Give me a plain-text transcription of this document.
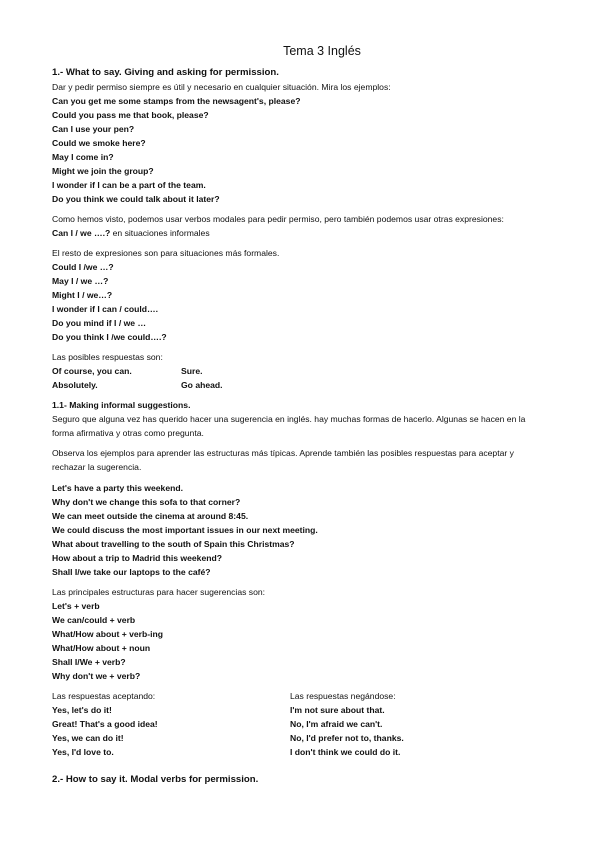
Tema 3 Inglés
1.- What to say. Giving and asking for permission.
Dar y pedir permiso siempre es útil y necesario en cualquier situación. Mira los ejemplos:
Can you get me some stamps from the newsagent's, please?
Could you pass me that book, please?
Can I use your pen?
Could we smoke here?
May I come in?
Might we join the group?
I wonder if I can be a part of the team.
Do you think we could talk about it later?
Como hemos visto, podemos usar verbos modales para pedir permiso, pero también podemos usar otras expresiones:
Can I / we ….? en situaciones informales
El resto de expresiones son para situaciones más formales.
Could I /we …?
May I / we …?
Might I / we…?
I wonder if I can / could….
Do you mind if I / we …
Do you think I /we could….?
Las posibles respuestas son:
Of course, you can.	Sure.
Absolutely.	Go ahead.
1.1- Making informal suggestions.
Seguro que alguna vez has querido hacer una sugerencia en inglés. hay muchas formas de hacerlo. Algunas se hacen en la forma afirmativa y otras como pregunta.
Observa los ejemplos para aprender las estructuras más típicas. Aprende también las posibles respuestas para aceptar y rechazar la sugerencia.
Let's have a party this weekend.
Why don't we change this sofa to that corner?
We can meet outside the cinema at around 8:45.
We could discuss the most important issues in our next meeting.
What about travelling to the south of Spain this Christmas?
How about a trip to Madrid this weekend?
Shall I/we take our laptops to the café?
Las principales estructuras para hacer sugerencias son:
Let's + verb
We can/could + verb
What/How about + verb-ing
What/How about + noun
Shall I/We + verb?
Why don't we + verb?
Las respuestas aceptando:
Yes, let's do it!
Great! That's a good idea!
Yes, we can do it!
Yes, I'd love to.
Las respuestas negándose:
I'm not sure about that.
No, I'm afraid we can't.
No, I'd prefer not to, thanks.
I don't think we could do it.
2.- How to say it. Modal verbs for permission.
